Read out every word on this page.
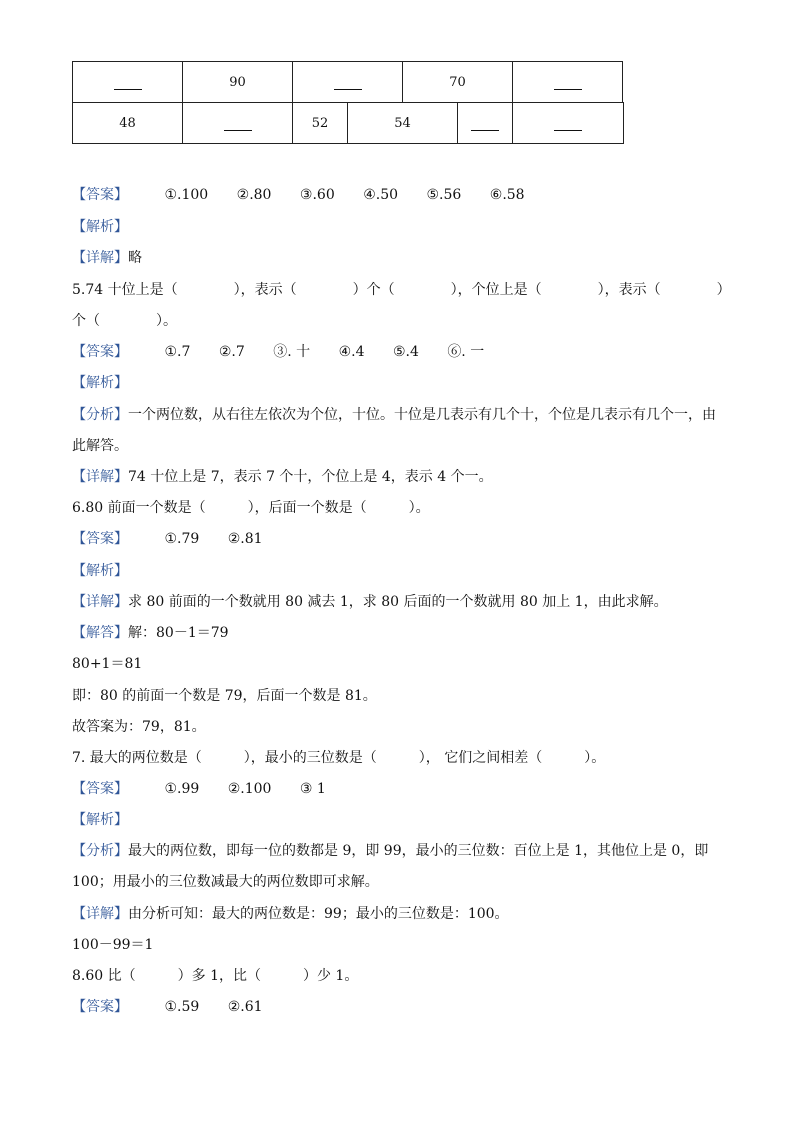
	90		70	
48		52	54		
【答案】	①.100 ②.80 ③.60 ④.50 ⑤.56 ⑥.58
【解析】
【详解】略
5.74 十位上是（　　　　），表示（　　　　）个（　　　　），个位上是（　　　　），表示（　　　　）
个（　　　　）。
【答案】	①.7 ②.7 ③. 十 ④.4 ⑤.4 ⑥. 一
【解析】
【分析】一个两位数，从右往左依次为个位，十位。十位是几表示有几个十，个位是几表示有几个一，由
此解答。
【详解】74 十位上是 7，表示 7 个十，个位上是 4，表示 4 个一。
6.80 前面一个数是（　　　），后面一个数是（　　　）。
【答案】	①.79 ②.81
【解析】
【详解】求 80 前面的一个数就用 80 减去 1，求 80 后面的一个数就用 80 加上 1，由此求解。
【解答】解：80－1＝79
80+1＝81
即：80 的前面一个数是 79，后面一个数是 81。
故答案为：79，81。
7. 最大的两位数是（　　　），最小的三位数是（　　　）， 它们之间相差（　　　）。
【答案】	①.99 ②.100 ③ 1
【解析】
【分析】最大的两位数，即每一位的数都是 9，即 99，最小的三位数：百位上是 1，其他位上是 0，即
100；用最小的三位数减最大的两位数即可求解。
【详解】由分析可知：最大的两位数是：99；最小的三位数是：100。
100－99＝1
8.60 比（　　　）多 1，比（　　　）少 1。
【答案】	①.59 ②.61
